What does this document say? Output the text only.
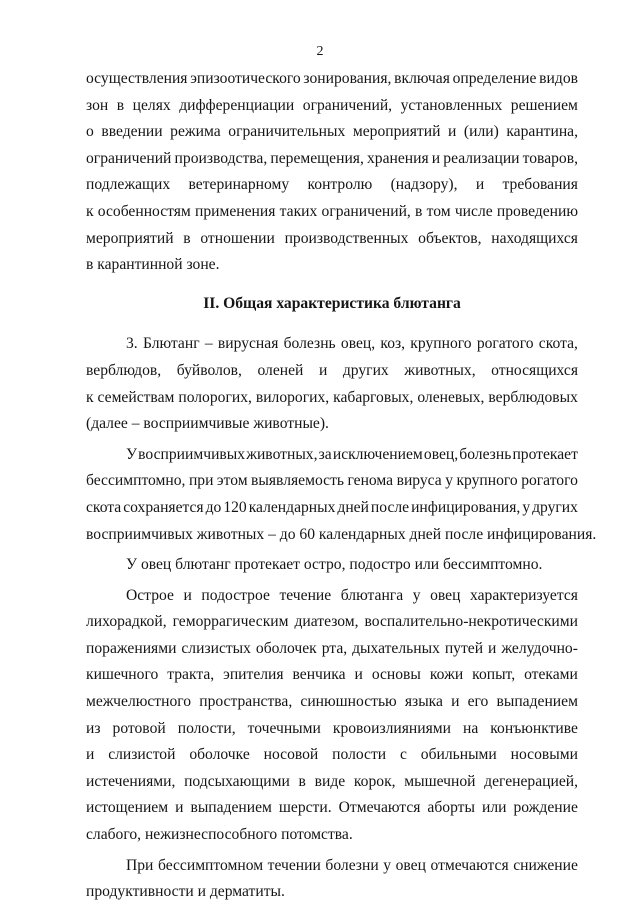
2
осуществления эпизоотического зонирования, включая определение видов
зон в целях дифференциации ограничений, установленных решением
о введении режима ограничительных мероприятий и (или) карантина,
ограничений производства, перемещения, хранения и реализации товаров,
подлежащих ветеринарному контролю (надзору), и требования
к особенностям применения таких ограничений, в том числе проведению
мероприятий в отношении производственных объектов, находящихся
в карантинной зоне.
II. Общая характеристика блютанга
3. Блютанг – вирусная болезнь овец, коз, крупного рогатого скота,
верблюдов, буйволов, оленей и других животных, относящихся
к семействам полорогих, вилорогих, кабарговых, оленевых, верблюдовых
(далее – восприимчивые животные).
У восприимчивых животных, за исключением овец, болезнь протекает
бессимптомно, при этом выявляемость генома вируса у крупного рогатого
скота сохраняется до 120 календарных дней после инфицирования, у других
восприимчивых животных – до 60 календарных дней после инфицирования.
У овец блютанг протекает остро, подостро или бессимптомно.
Острое и подострое течение блютанга у овец характеризуется
лихорадкой, геморрагическим диатезом, воспалительно-некротическими
поражениями слизистых оболочек рта, дыхательных путей и желудочно-
кишечного тракта, эпителия венчика и основы кожи копыт, отеками
межчелюстного пространства, синюшностью языка и его выпадением
из ротовой полости, точечными кровоизлияниями на конъюнктиве
и слизистой оболочке носовой полости с обильными носовыми
истечениями, подсыхающими в виде корок, мышечной дегенерацией,
истощением и выпадением шерсти. Отмечаются аборты или рождение
слабого, нежизнеспособного потомства.
При бессимптомном течении болезни у овец отмечаются снижение
продуктивности и дерматиты.
